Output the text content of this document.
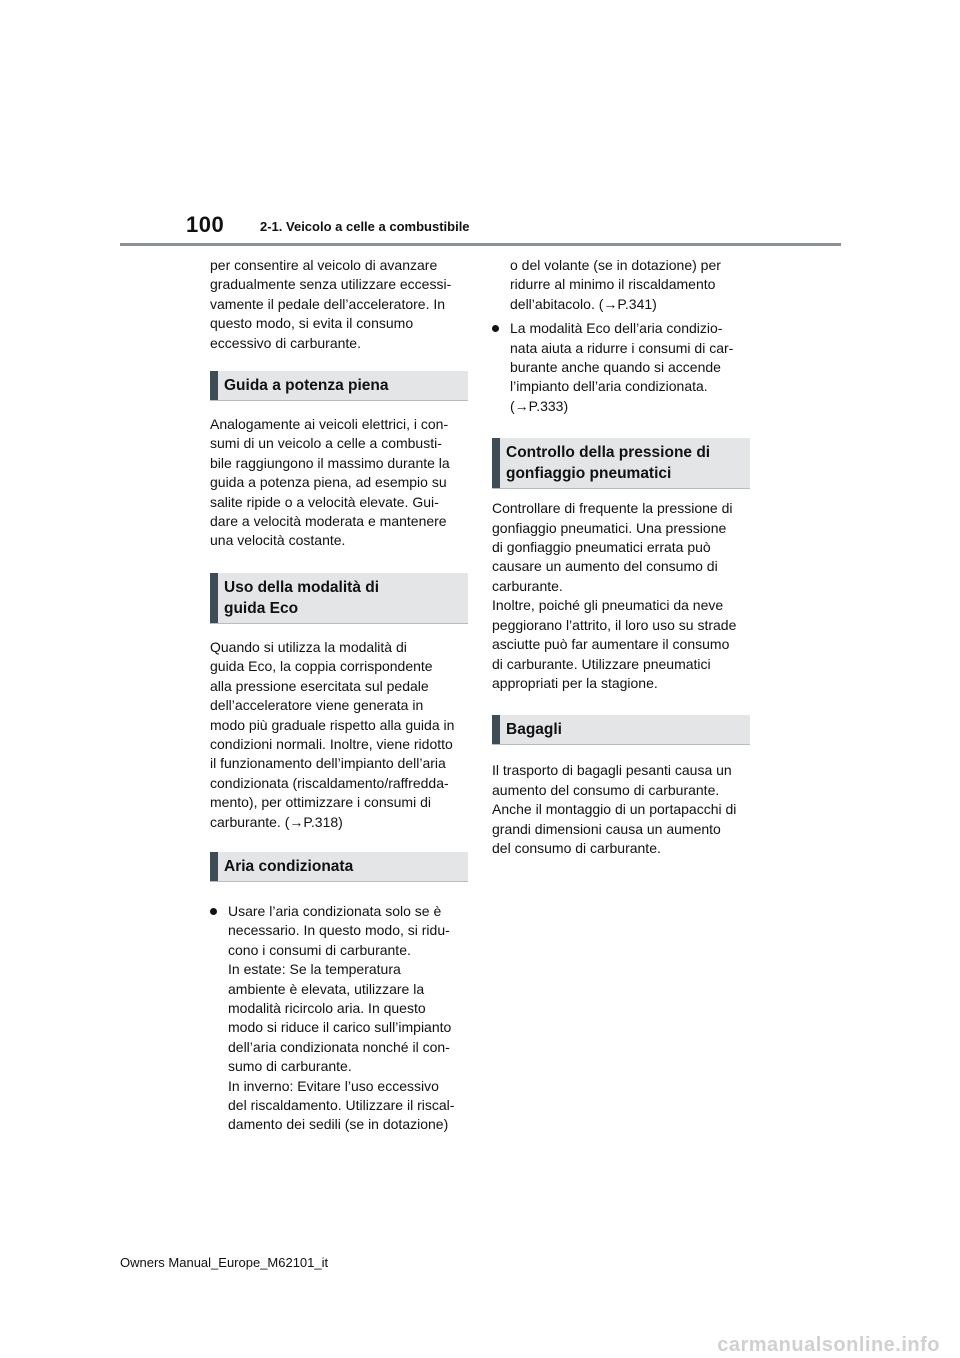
100	2-1. Veicolo a celle a combustibile

per consentire al veicolo di avanzare
gradualmente senza utilizzare eccessi-
vamente il pedale dell’acceleratore. In
questo modo, si evita il consumo
eccessivo di carburante.

Guida a potenza piena

Analogamente ai veicoli elettrici, i con-
sumi di un veicolo a celle a combusti-
bile raggiungono il massimo durante la
guida a potenza piena, ad esempio su
salite ripide o a velocità elevate. Gui-
dare a velocità moderata e mantenere
una velocità costante.

Uso della modalità di
guida Eco

Quando si utilizza la modalità di
guida Eco, la coppia corrispondente
alla pressione esercitata sul pedale
dell’acceleratore viene generata in
modo più graduale rispetto alla guida in
condizioni normali. Inoltre, viene ridotto
il funzionamento dell’impianto dell’aria
condizionata (riscaldamento/raffredda-
mento), per ottimizzare i consumi di
carburante. (→P.318)

Aria condizionata

Usare l’aria condizionata solo se è
necessario. In questo modo, si ridu-
cono i consumi di carburante.
In estate: Se la temperatura
ambiente è elevata, utilizzare la
modalità ricircolo aria. In questo
modo si riduce il carico sull’impianto
dell’aria condizionata nonché il con-
sumo di carburante.
In inverno: Evitare l’uso eccessivo
del riscaldamento. Utilizzare il riscal-
damento dei sedili (se in dotazione)

o del volante (se in dotazione) per
ridurre al minimo il riscaldamento
dell’abitacolo. (→P.341)

La modalità Eco dell’aria condizio-
nata aiuta a ridurre i consumi di car-
burante anche quando si accende
l’impianto dell’aria condizionata.
(→P.333)

Controllo della pressione di
gonfiaggio pneumatici

Controllare di frequente la pressione di
gonfiaggio pneumatici. Una pressione
di gonfiaggio pneumatici errata può
causare un aumento del consumo di
carburante.
Inoltre, poiché gli pneumatici da neve
peggiorano l’attrito, il loro uso su strade
asciutte può far aumentare il consumo
di carburante. Utilizzare pneumatici
appropriati per la stagione.

Bagagli

Il trasporto di bagagli pesanti causa un
aumento del consumo di carburante.
Anche il montaggio di un portapacchi di
grandi dimensioni causa un aumento
del consumo di carburante.

Owners Manual_Europe_M62101_it
carmanualsonline.info
